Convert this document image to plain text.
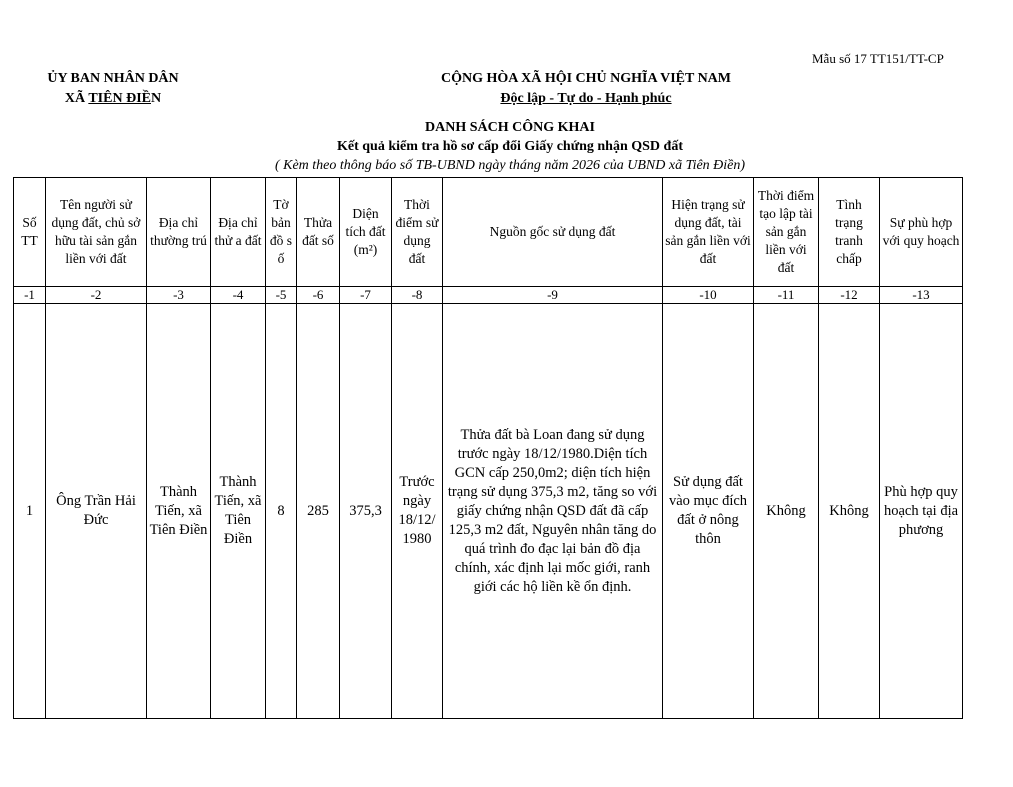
Mẫu số 17 TT151/TT-CP
ỦY BAN NHÂN DÂN
XÃ TIÊN ĐIỀN
CỘNG HÒA XÃ HỘI CHỦ NGHĨA VIỆT NAM
Độc lập - Tự do - Hạnh phúc
DANH SÁCH CÔNG KHAI
Kết quả kiểm tra hồ sơ cấp đổi Giấy chứng nhận QSD đất
( Kèm theo thông báo số TB-UBND ngày tháng năm 2026 của UBND xã Tiên Điền)
Số TT	Tên người sử dụng đất, chủ sở hữu tài sản gắn liền với đất	Địa chỉ thường trú	Địa chỉ thử a đất	Tờ bản đồ s ố	Thửa đất số	Diện tích đất (m²)	Thời điểm sử dụng đất	Nguồn gốc sử dụng đất	Hiện trạng sử dụng đất, tài sản gắn liền với đất	Thời điểm tạo lập tài sản gắn liền với đất	Tình trạng tranh chấp	Sự phù hợp với quy hoạch
-1	-2	-3	-4	-5	-6	-7	-8	-9	-10	-11	-12	-13
1	Ông Trần Hải Đức	Thành Tiến, xã Tiên Điền	Thành Tiến, xã Tiên Điền	8	285	375,3	Trước ngày 18/12/ 1980	Thửa đất bà Loan đang sử dụng trước ngày 18/12/1980.Diện tích GCN cấp 250,0m2; diện tích hiện trạng sử dụng 375,3 m2, tăng so với giấy chứng nhận QSD đất đã cấp 125,3 m2 đất, Nguyên nhân tăng do quá trình đo đạc lại bản đồ địa chính, xác định lại mốc giới, ranh giới các hộ liền kề ổn định.	Sử dụng đất vào mục đích đất ở nông thôn	Không	Không	Phù hợp quy hoạch tại địa phương
